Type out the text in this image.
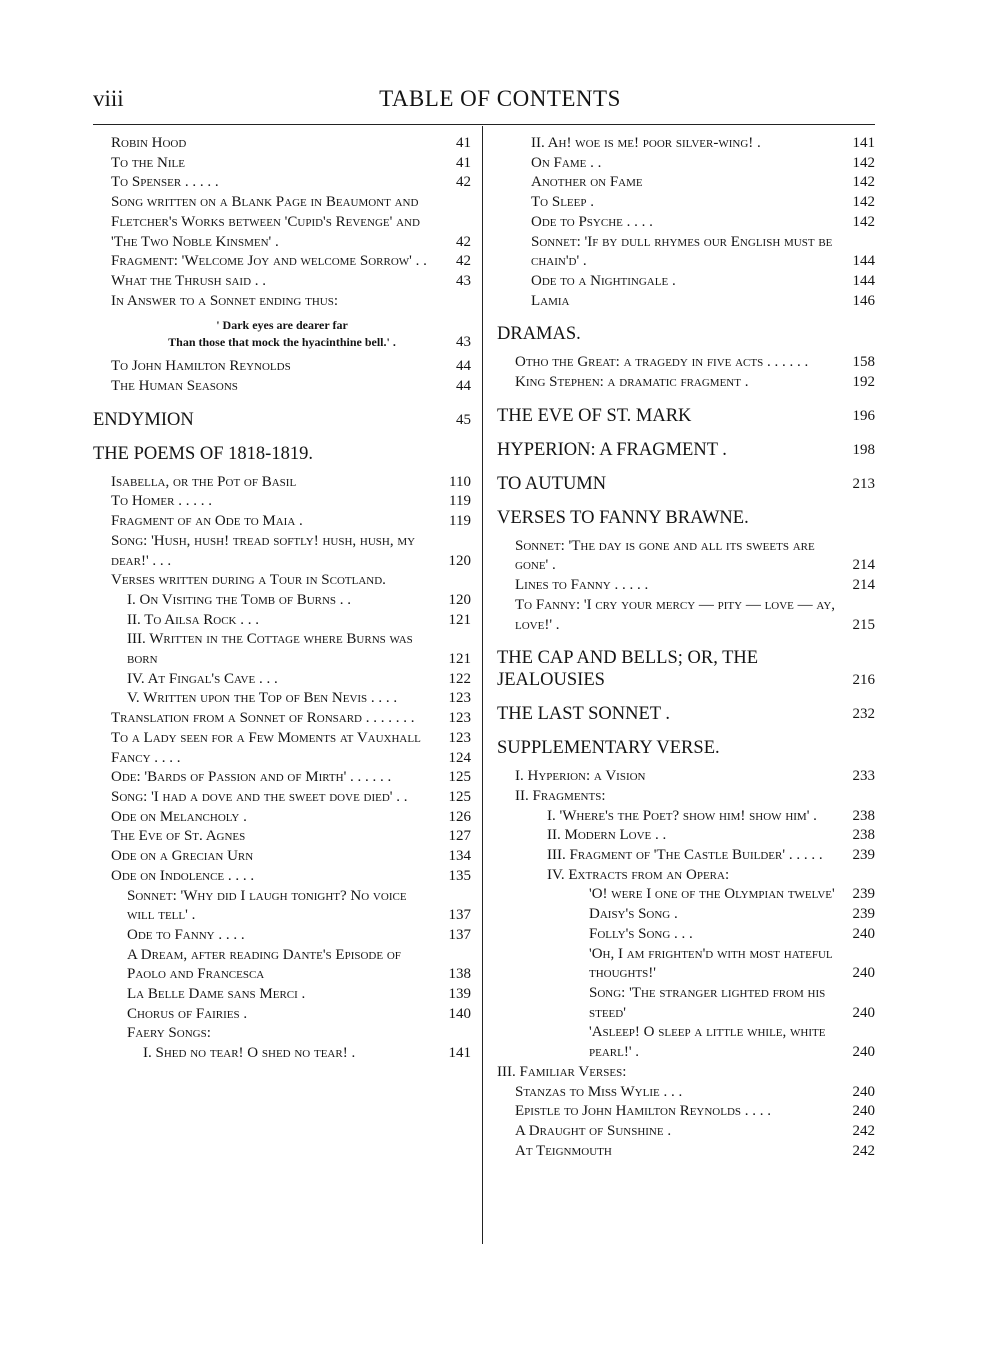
viii	TABLE OF CONTENTS
Robin Hood	41
To the Nile	41
To Spenser . . . . .	42
Song written on a Blank Page in Beaumont and Fletcher's Works between 'Cupid's Revenge' and 'The Two Noble Kinsmen' .	42
Fragment: 'Welcome Joy and welcome Sorrow' . .	42
What the Thrush said . .	43
In Answer to a Sonnet ending thus:
' Dark eyes are dearer far
Than those that mock the hyacinthine bell.' .	43
To John Hamilton Reynolds	44
The Human Seasons	44
ENDYMION	45
THE POEMS OF 1818-1819.
Isabella, or the Pot of Basil	110
To Homer . . . . .	119
Fragment of an Ode to Maia .	119
Song: 'Hush, hush! tread softly! hush, hush, my dear!' . . .	120
Verses written during a Tour in Scotland.
I. On Visiting the Tomb of Burns . .	120
II. To Ailsa Rock . . .	121
III. Written in the Cottage where Burns was born	121
IV. At Fingal's Cave . . .	122
V. Written upon the Top of Ben Nevis . . . .	123
Translation from a Sonnet of Ronsard . . . . . . .	123
To a Lady seen for a Few Moments at Vauxhall	123
Fancy . . . .	124
Ode: 'Bards of Passion and of Mirth' . . . . . .	125
Song: 'I had a dove and the sweet dove died' . .	125
Ode on Melancholy .	126
The Eve of St. Agnes	127
Ode on a Grecian Urn	134
Ode on Indolence . . . .	135
Sonnet: 'Why did I laugh tonight? No voice will tell' .	137
Ode to Fanny . . . .	137
A Dream, after reading Dante's Episode of Paolo and Francesca	138
La Belle Dame sans Merci .	139
Chorus of Fairies .	140
Faery Songs:
I. Shed no tear! O shed no tear! .	141
II. Ah! woe is me! poor silver-wing! .	141
On Fame . .	142
Another on Fame	142
To Sleep .	142
Ode to Psyche . . . .	142
Sonnet: 'If by dull rhymes our English must be chain'd' .	144
Ode to a Nightingale .	144
Lamia	146
DRAMAS.
Otho the Great: a tragedy in five acts . . . . . .	158
King Stephen: a dramatic fragment .	192
THE EVE OF ST. MARK	196
HYPERION: A FRAGMENT .	198
TO AUTUMN	213
VERSES TO FANNY BRAWNE.
Sonnet: 'The day is gone and all its sweets are gone' .	214
Lines to Fanny . . . . .	214
To Fanny: 'I cry your mercy — pity — love — ay, love!' .	215
THE CAP AND BELLS; OR, THE JEALOUSIES	216
THE LAST SONNET .	232
SUPPLEMENTARY VERSE.
I. Hyperion: a Vision	233
II. Fragments:
I. 'Where's the Poet? show him! show him' .	238
II. Modern Love . .	238
III. Fragment of 'The Castle Builder' . . . . .	239
IV. Extracts from an Opera:
'O! were I one of the Olympian twelve'	239
Daisy's Song .	239
Folly's Song . . .	240
'Oh, I am frighten'd with most hateful thoughts!'	240
Song: 'The stranger lighted from his steed'	240
'Asleep! O sleep a little while, white pearl!' .	240
III. Familiar Verses:
Stanzas to Miss Wylie . . .	240
Epistle to John Hamilton Reynolds . . . .	240
A Draught of Sunshine .	242
At Teignmouth	242
